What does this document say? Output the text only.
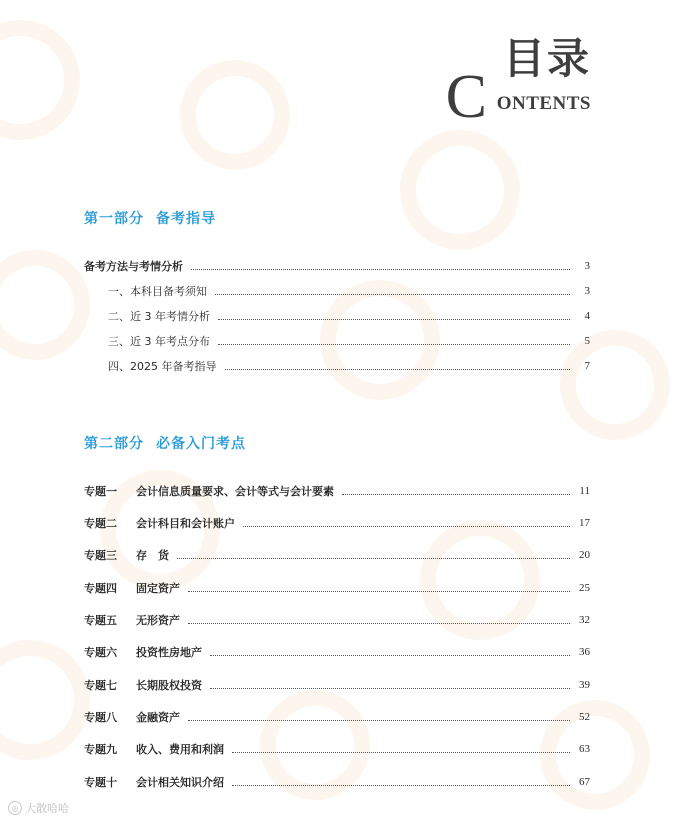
目录
C ONTENTS
第一部分 备考指导
备考方法与考情分析	3
一、本科目备考须知	3
二、近 3 年考情分析	4
三、近 3 年考点分布	5
四、2025 年备考指导	7
第二部分 必备入门考点
专题一 会计信息质量要求、会计等式与会计要素	11
专题二 会计科目和会计账户	17
专题三 存　货	20
专题四 固定资产	25
专题五 无形资产	32
专题六 投资性房地产	36
专题七 长期股权投资	39
专题八 金融资产	52
专题九 收入、费用和利润	63
专题十 会计相关知识介绍	67
◎ 大散哈哈
